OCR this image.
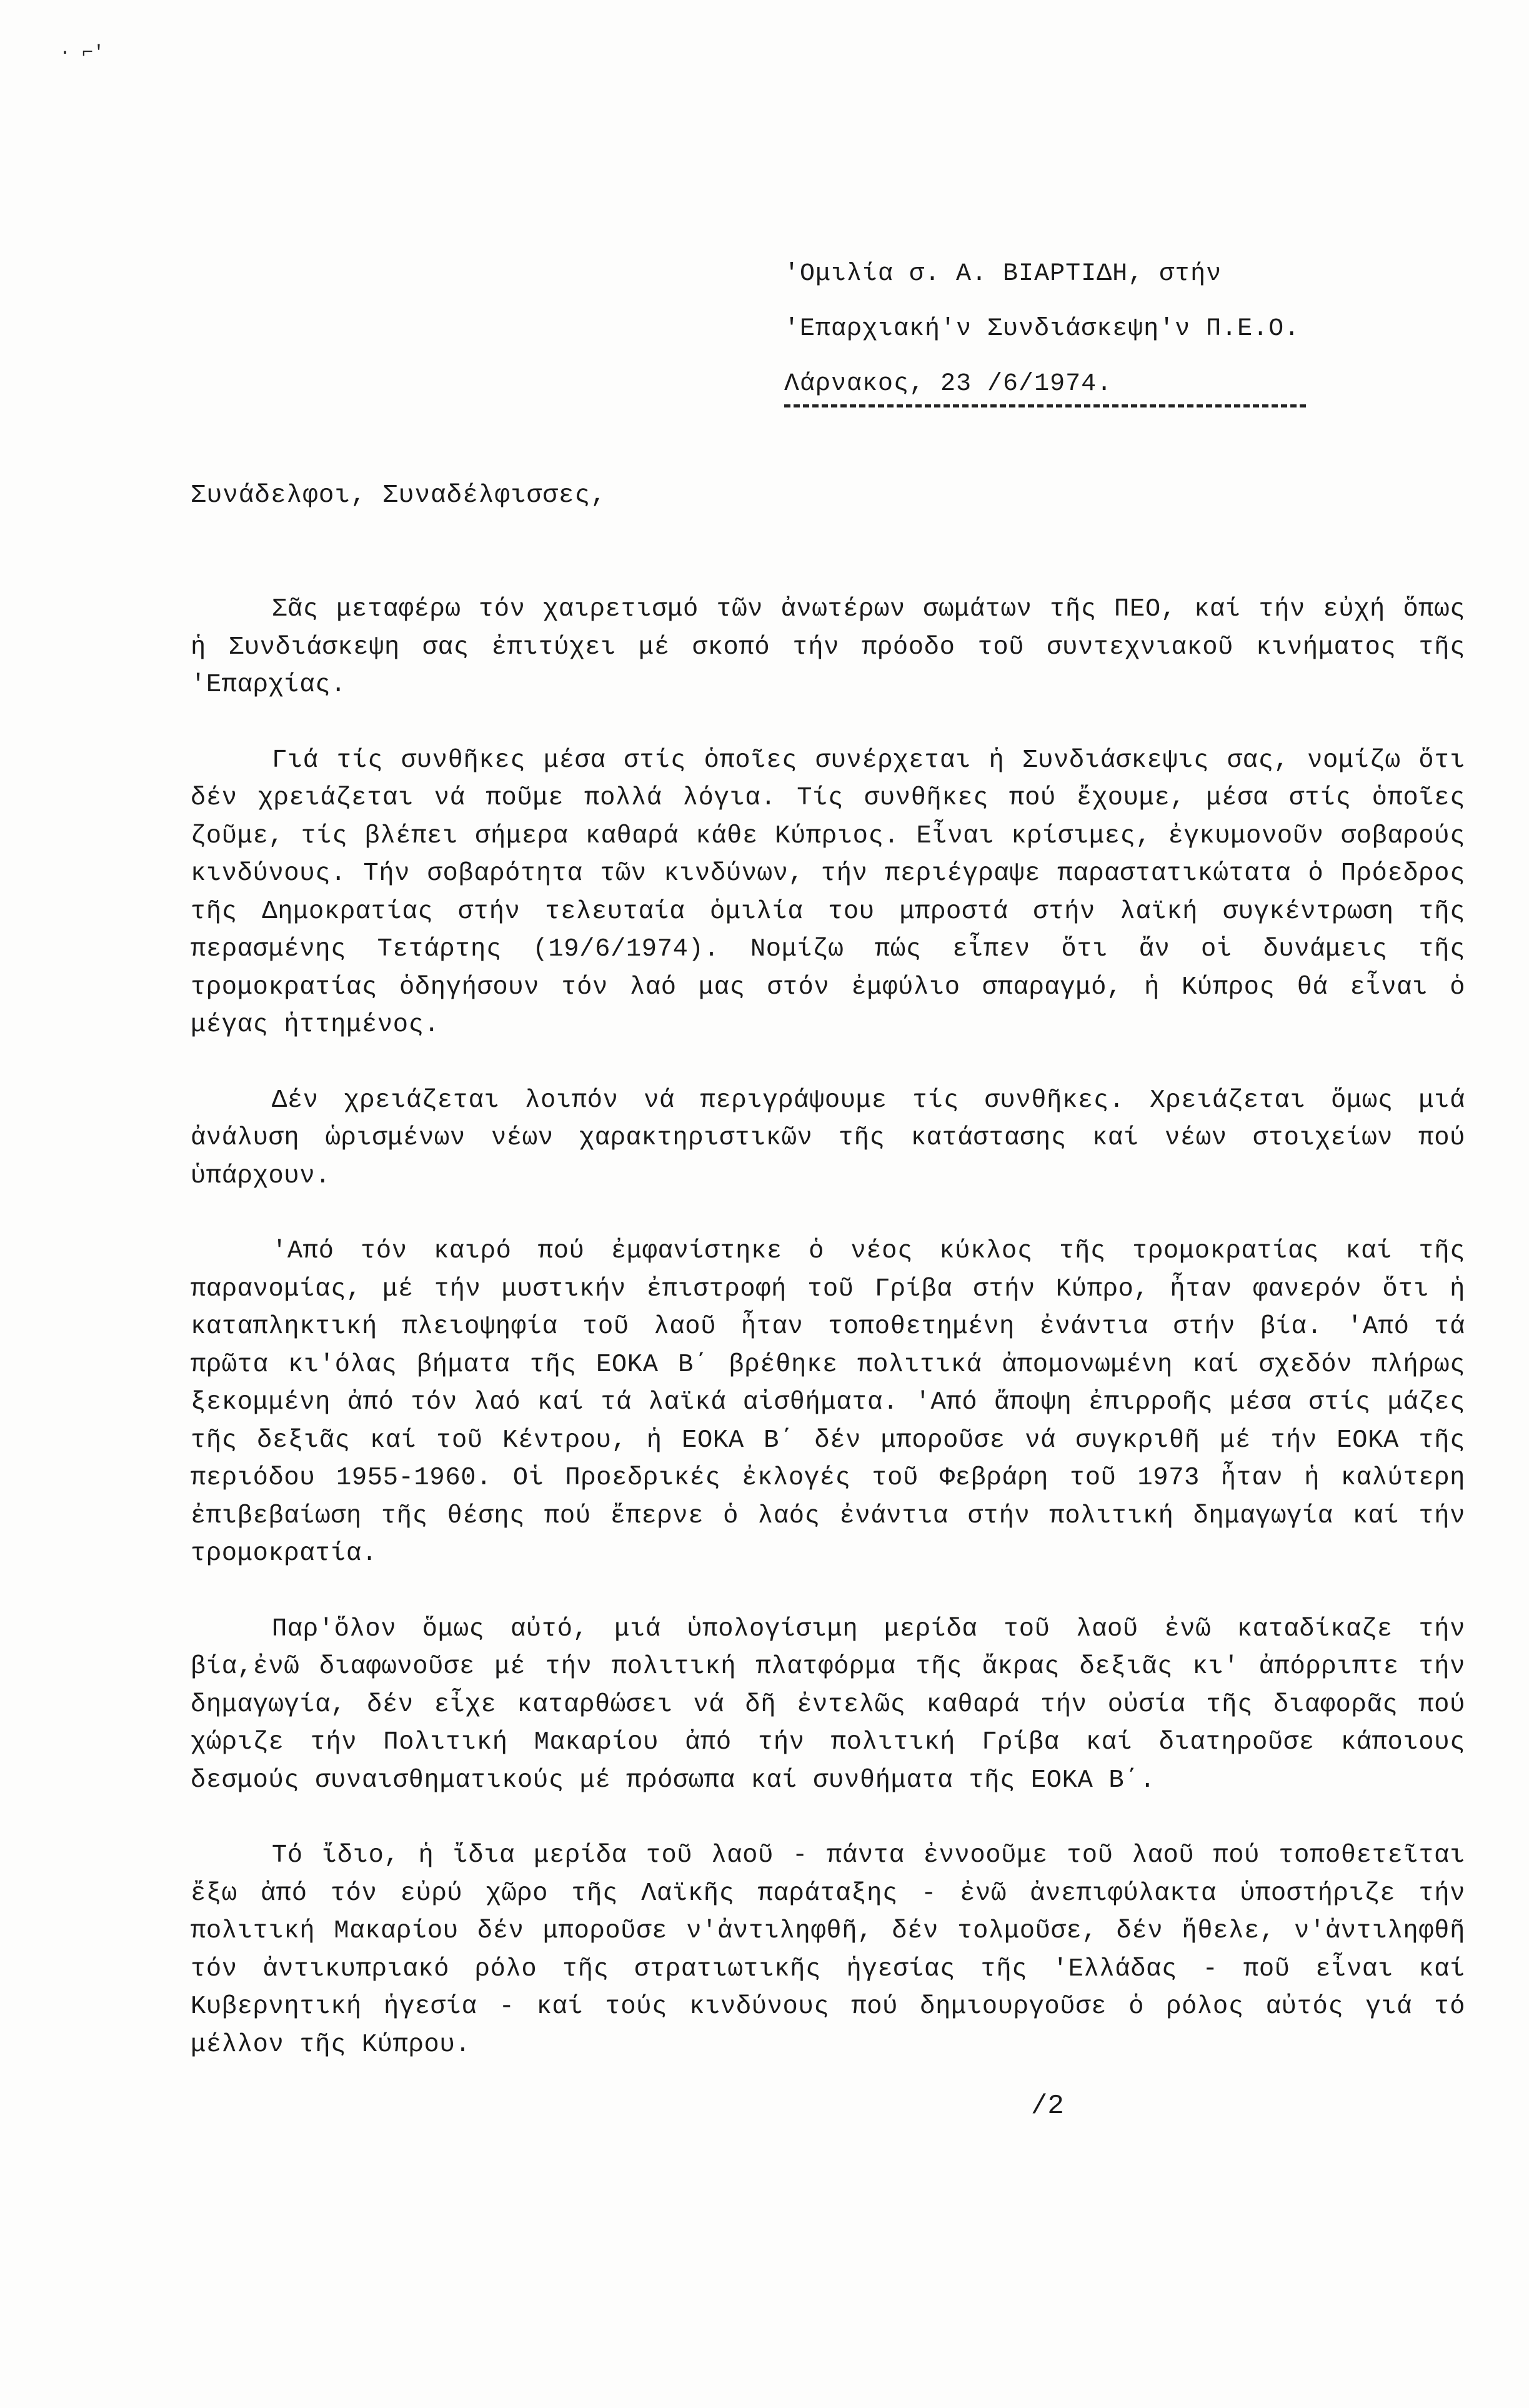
· ⌐'
'Ομιλία σ. Α. ΒΙΑΡΤΙΔΗ, στήν
'Επαρχιακή'ν Συνδιάσκεψη'ν Π.Ε.Ο.
Λάρνακος, 23 /6/1974.
Συνάδελφοι, Συναδέλφισσες,

Σᾶς μεταφέρω τόν χαιρετισμό τῶν ἀνωτέρων σωμάτων τῆς ΠΕΟ, καί τήν εὐχή ὅπως ἡ Συνδιάσκεψη σας ἐπιτύχει μέ σκοπό τήν πρόοδο τοῦ συντεχνιακοῦ κινήματος τῆς 'Επαρχίας.

Γιά τίς συνθῆκες μέσα στίς ὁποῖες συνέρχεται ἡ Συνδιάσκεψις σας, νομίζω ὅτι δέν χρειάζεται νά ποῦμε πολλά λόγια. Τίς συνθῆκες πού ἔχουμε, μέσα στίς ὁποῖες ζοῦμε, τίς βλέπει σήμερα καθαρά κάθε Κύπριος. Εἶναι κρίσιμες, ἐγκυμονοῦν σοβαρούς κινδύνους. Τήν σοβαρότητα τῶν κινδύνων, τήν περιέγραψε παραστατικώτατα ὁ Πρόεδρος τῆς Δημοκρατίας στήν τελευταία ὁμιλία του μπροστά στήν λαϊκή συγκέντρωση τῆς περασμένης Τετάρτης (19/6/1974). Νομίζω πώς εἶπεν ὅτι ἄν οἱ δυνάμεις τῆς τρομοκρατίας ὁδηγήσουν τόν λαό μας στόν ἐμφύλιο σπαραγμό, ἡ Κύπρος θά εἶναι ὁ μέγας ἡττημένος.

Δέν χρειάζεται λοιπόν νά περιγράψουμε τίς συνθῆκες. Χρειάζεται ὅμως μιά ἀνάλυση ὡρισμένων νέων χαρακτηριστικῶν τῆς κατάστασης καί νέων στοιχείων πού ὑπάρχουν.

'Από τόν καιρό πού ἐμφανίστηκε ὁ νέος κύκλος τῆς τρομοκρατίας καί τῆς παρανομίας, μέ τήν μυστικήν ἐπιστροφή τοῦ Γρίβα στήν Κύπρο, ἦταν φανερόν ὅτι ἡ καταπληκτική πλειοψηφία τοῦ λαοῦ ἦταν τοποθετημένη ἐνάντια στήν βία. 'Από τά πρῶτα κι'όλας βήματα τῆς ΕΟΚΑ Β΄ βρέθηκε πολιτικά ἀπομονωμένη καί σχεδόν πλήρως ξεκομμένη ἀπό τόν λαό καί τά λαϊκά αἰσθήματα. 'Από ἄποψη ἐπιρροῆς μέσα στίς μάζες τῆς δεξιᾶς καί τοῦ Κέντρου, ἡ ΕΟΚΑ Β΄ δέν μποροῦσε νά συγκριθῆ μέ τήν ΕΟΚΑ τῆς περιόδου 1955-1960. Οἱ Προεδρικές ἐκλογές τοῦ Φεβράρη τοῦ 1973 ἦταν ἡ καλύτερη ἐπιβεβαίωση τῆς θέσης πού ἔπερνε ὁ λαός ἐνάντια στήν πολιτική δημαγωγία καί τήν τρομοκρατία.

Παρ'ὅλον ὅμως αὐτό, μιά ὑπολογίσιμη μερίδα τοῦ λαοῦ ἐνῶ καταδίκαζε τήν βία,ἐνῶ διαφωνοῦσε μέ τήν πολιτική πλατφόρμα τῆς ἄκρας δεξιᾶς κι' ἀπόρριπτε τήν δημαγωγία, δέν εἶχε καταρθώσει νά δῆ ἐντελῶς καθαρά τήν οὐσία τῆς διαφορᾶς πού χώριζε τήν Πολιτική Μακαρίου ἀπό τήν πολιτική Γρίβα καί διατηροῦσε κάποιους δεσμούς συναισθηματικούς μέ πρόσωπα καί συνθήματα τῆς ΕΟΚΑ Β΄.

Τό ἴδιο, ἡ ἴδια μερίδα τοῦ λαοῦ - πάντα ἐννοοῦμε τοῦ λαοῦ πού τοποθετεῖται ἔξω ἀπό τόν εὐρύ χῶρο τῆς Λαϊκῆς παράταξης - ἐνῶ ἀνεπιφύλακτα ὑποστήριζε τήν πολιτική Μακαρίου δέν μποροῦσε ν'ἀντιληφθῆ, δέν τολμοῦσε, δέν ἤθελε, ν'ἀντιληφθῆ τόν ἀντικυπριακό ρόλο τῆς στρατιωτικῆς ἡγεσίας τῆς 'Ελλάδας - ποῦ εἶναι καί Κυβερνητική ἡγεσία - καί τούς κινδύνους πού δημιουργοῦσε ὁ ρόλος αὐτός γιά τό μέλλον τῆς Κύπρου.

/2
